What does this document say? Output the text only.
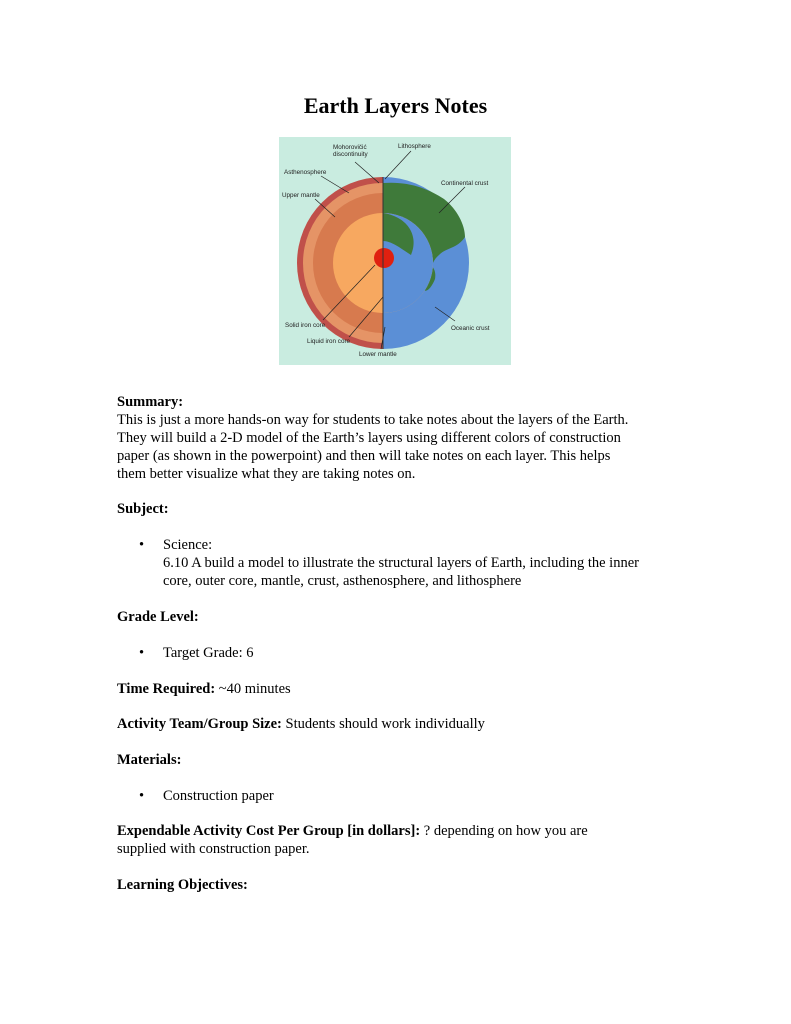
Earth Layers Notes
Mohorovičić
discontinuity
Lithosphere
Asthenosphere
Upper mantle
Continental crust
Solid iron core
Liquid iron core
Lower mantle
Oceanic crust

Summary:

This is just a more hands-on way for students to take notes about the layers of the Earth.

They will build a 2-D model of the Earth’s layers using different colors of construction

paper (as shown in the powerpoint) and then will take notes on each layer. This helps

them better visualize what they are taking notes on.

Subject:

• Science:

6.10 A build a model to illustrate the structural layers of Earth, including the inner

core, outer core, mantle, crust, asthenosphere, and lithosphere

Grade Level:

• Target Grade: 6

Time Required: ~40 minutes

Activity Team/Group Size: Students should work individually

Materials:

• Construction paper

Expendable Activity Cost Per Group [in dollars]: ? depending on how you are

supplied with construction paper.

Learning Objectives:
